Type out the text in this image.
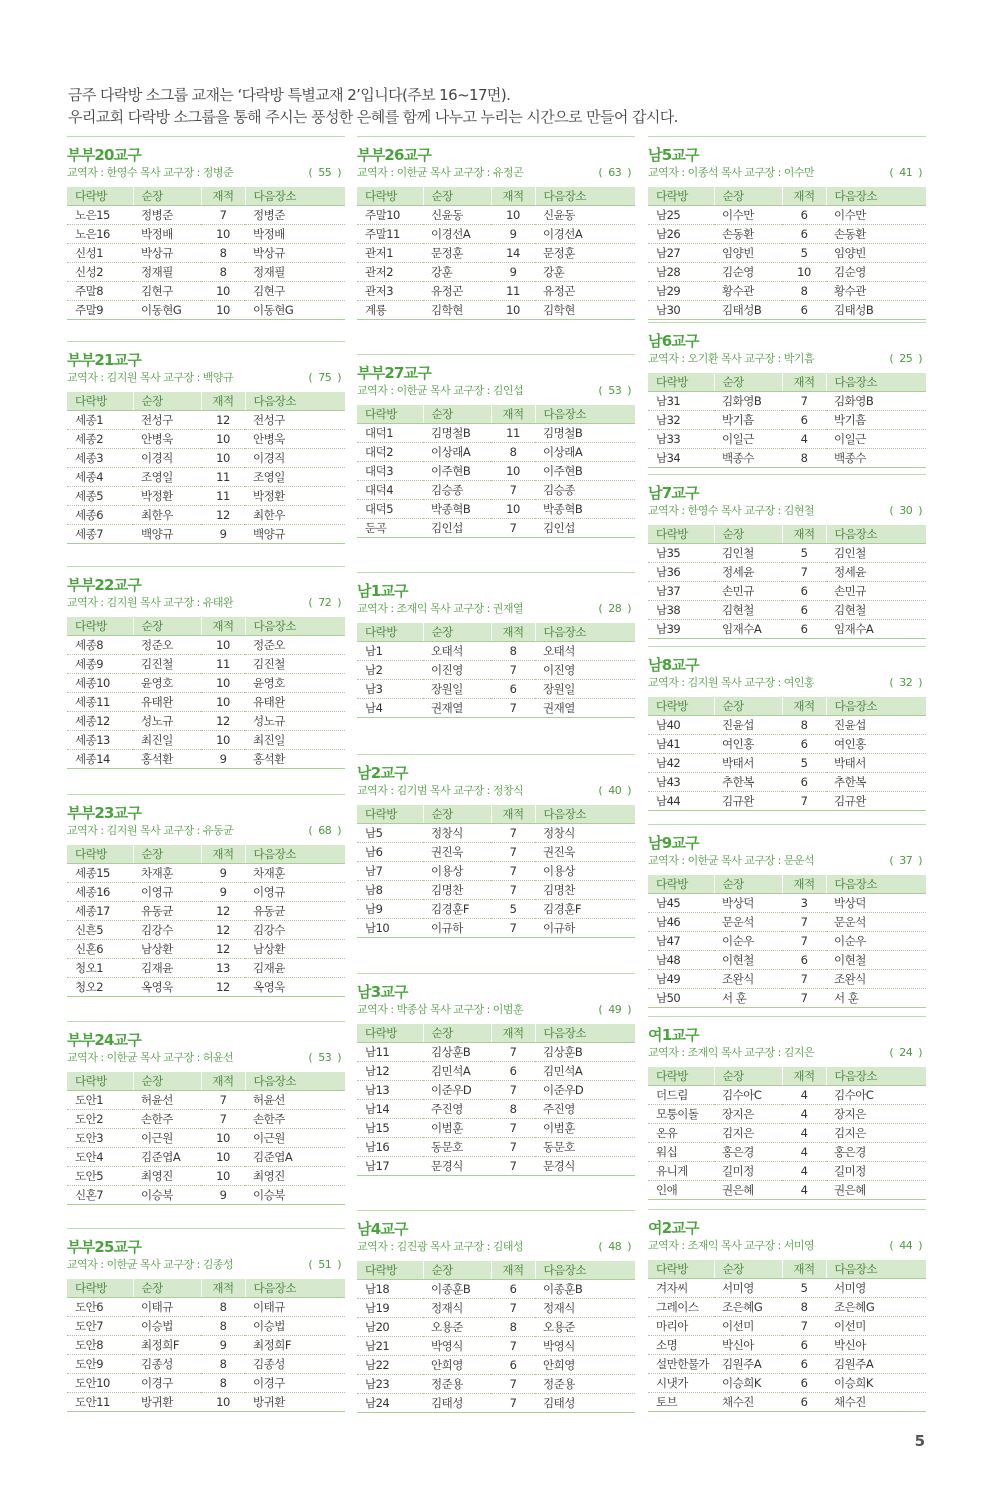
금주 다락방 소그룹 교재는 ‘다락방 특별교재 2’입니다(주보 16~17면).
우리교회 다락방 소그룹을 통해 주시는 풍성한 은혜를 함께 나누고 누리는 시간으로 만들어 갑시다.
부부20교구
교역자 : 한영수 목사 교구장 : 정병준	(  55  )
다락방	순장	재적	다음장소
노은15	정병준	7	정병준
노은16	박정배	10	박정배
신성1	박상규	8	박상규
신성2	정재필	8	정재필
주말8	김현구	10	김현구
주말9	이동현G	10	이동현G
부부21교구
교역자 : 김지원 목사 교구장 : 백양규	(  75  )
다락방	순장	재적	다음장소
세종1	전성구	12	전성구
세종2	안병욱	10	안병욱
세종3	이경직	10	이경직
세종4	조영일	11	조영일
세종5	박정환	11	박정환
세종6	최한우	12	최한우
세종7	백양규	9	백양규
부부22교구
교역자 : 김지원 목사 교구장 : 유태완	(  72  )
다락방	순장	재적	다음장소
세종8	정준오	10	정준오
세종9	김진철	11	김진철
세종10	윤영호	10	윤영호
세종11	유태완	10	유태완
세종12	성노규	12	성노규
세종13	최진일	10	최진일
세종14	홍석환	9	홍석환
부부23교구
교역자 : 김지원 목사 교구장 : 유동균	(  68  )
다락방	순장	재적	다음장소
세종15	차재훈	9	차재훈
세종16	이영규	9	이영규
세종17	유동균	12	유동균
신흔5	김강수	12	김강수
신혼6	남상환	12	남상환
청오1	김재윤	13	김재윤
청오2	옥영욱	12	옥영욱
부부24교구
교역자 : 이한균 목사 교구장 : 허윤선	(  53  )
다락방	순장	재적	다음장소
도안1	허윤선	7	허윤선
도안2	손한주	7	손한주
도안3	이근원	10	이근원
도안4	김준엽A	10	김준엽A
도안5	최영진	10	최영진
신혼7	이승북	9	이승북
부부25교구
교역자 : 이한균 목사 교구장 : 김종성	(  51  )
다락방	순장	재적	다음장소
도안6	이태규	8	이태규
도안7	이승법	8	이승법
도안8	최정희F	9	최정희F
도안9	김종성	8	김종성
도안10	이경구	8	이경구
도안11	방귀환	10	방귀환
부부26교구
교역자 : 이한균 목사 교구장 : 유정곤	(  63  )
다락방	순장	재적	다음장소
주말10	신윤동	10	신윤동
주말11	이경선A	9	이경선A
관저1	문정훈	14	문정훈
관저2	강훈	9	강훈
관저3	유정곤	11	유정곤
계룡	김학현	10	김학현
부부27교구
교역자 : 이한균 목사 교구장 : 김인섭	(  53  )
다락방	순장	재적	다음장소
대덕1	김명철B	11	김명철B
대덕2	이상래A	8	이상래A
대덕3	이주현B	10	이주현B
대덕4	김승종	7	김승종
대덕5	박종혁B	10	박종혁B
둔곡	김인섭	7	김인섭
남1교구
교역자 : 조재익 목사 교구장 : 권재열	(  28  )
다락방	순장	재적	다음장소
남1	오태석	8	오태석
남2	이진영	7	이진영
남3	장원일	6	장원일
남4	권재열	7	권재열
남2교구
교역자 : 김기범 목사 교구장 : 정창식	(  40  )
다락방	순장	재적	다음장소
남5	정창식	7	정창식
남6	권진욱	7	권진욱
남7	이용상	7	이용상
남8	김명찬	7	김명찬
남9	김경훈F	5	김경훈F
남10	이규하	7	이규하
남3교구
교역자 : 박종삼 목사 교구장 : 이범훈	(  49  )
다락방	순장	재적	다음장소
남11	김상훈B	7	김상훈B
남12	김민석A	6	김민석A
남13	이준우D	7	이준우D
남14	주진영	8	주진영
남15	이범훈	7	이범훈
남16	동문호	7	동문호
남17	문경식	7	문경식
남4교구
교역자 : 김진광 목사 교구장 : 김태성	(  48  )
다락방	순장	재적	다음장소
남18	이종훈B	6	이종훈B
남19	정재식	7	정재식
남20	오용준	8	오용준
남21	박영식	7	박영식
남22	안희영	6	안희영
남23	정준용	7	정준용
남24	김태성	7	김태성
남5교구
교역자 : 이종석 목사 교구장 : 이수만	(  41  )
다락방	순장	재적	다음장소
남25	이수만	6	이수만
남26	손동환	6	손동환
남27	임양빈	5	임양빈
남28	김순영	10	김순영
남29	황수관	8	황수관
남30	김태성B	6	김태성B
남6교구
교역자 : 오기환 목사 교구장 : 박기흠	(  25  )
다락방	순장	재적	다음장소
남31	김화영B	7	김화영B
남32	박기흠	6	박기흠
남33	이일근	4	이일근
남34	백종수	8	백종수
남7교구
교역자 : 한영수 목사 교구장 : 김현철	(  30  )
다락방	순장	재적	다음장소
남35	김인철	5	김인철
남36	정세윤	7	정세윤
남37	손민규	6	손민규
남38	김현철	6	김현철
남39	임재수A	6	임재수A
남8교구
교역자 : 김지원 목사 교구장 : 여인홍	(  32  )
다락방	순장	재적	다음장소
남40	진윤섭	8	진윤섭
남41	여인홍	6	여인홍
남42	박태서	5	박태서
남43	추한복	6	추한복
남44	김규완	7	김규완
남9교구
교역자 : 이한균 목사 교구장 : 문운석	(  37  )
다락방	순장	재적	다음장소
남45	박상덕	3	박상덕
남46	문운석	7	문운석
남47	이순우	7	이순우
남48	이현철	6	이현철
남49	조완식	7	조완식
남50	서 훈	7	서 훈
여1교구
교역자 : 조재익 목사 교구장 : 김지은	(  24  )
다락방	순장	재적	다음장소
더드림	김수아C	4	김수아C
모퉁이돌	장지은	4	장지은
온유	김지은	4	김지은
워십	홍은경	4	홍은경
유니게	길미정	4	길미정
인애	권은혜	4	권은혜
여2교구
교역자 : 조재익 목사 교구장 : 서미영	(  44  )
다락방	순장	재적	다음장소
겨자씨	서미영	5	서미영
그레이스	조은혜G	8	조은혜G
마리아	이선미	7	이선미
소명	박신아	6	박신아
설만한물가	김원주A	6	김원주A
시냇가	이승희K	6	이승희K
토브	채수진	6	채수진
5
